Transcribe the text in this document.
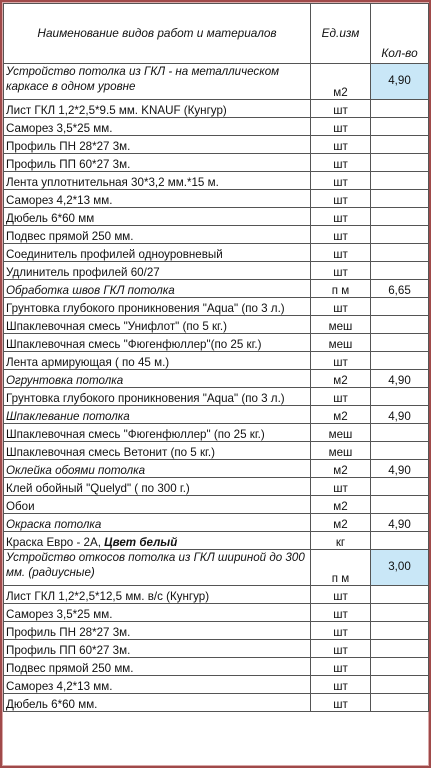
Наименование видов работ и материалов	Ед.изм	Кол-во
Устройство потолка из ГКЛ - на металлическом каркасе в одном уровне	м2	4,90
Лист ГКЛ 1,2*2,5*9.5 мм. KNAUF (Кунгур)	шт	
Саморез 3,5*25 мм.	шт	
Профиль ПН 28*27 3м.	шт	
Профиль ПП 60*27 3м.	шт	
Лента уплотнительная 30*3,2 мм.*15 м.	шт	
Саморез 4,2*13 мм.	шт	
Дюбель 6*60 мм	шт	
Подвес прямой 250 мм.	шт	
Соединитель профилей одноуровневый	шт	
Удлинитель профилей 60/27	шт	
Обработка швов ГКЛ потолка	п м	6,65
Грунтовка глубокого проникновения "Aqua" (по 3 л.)	шт	
Шпаклевочная смесь "Унифлот" (по 5 кг.)	меш	
Шпаклевочная смесь "Фюгенфюллер"(по 25 кг.)	меш	
Лента армирующая ( по 45 м.)	шт	
Огрунтовка потолка	м2	4,90
Грунтовка глубокого проникновения "Aqua" (по 3 л.)	шт	
Шпаклевание потолка	м2	4,90
Шпаклевочная смесь "Фюгенфюллер" (по 25 кг.)	меш	
Шпаклевочная смесь Ветонит (по 5 кг.)	меш	
Оклейка обоями потолка	м2	4,90
Клей обойный "Quelyd" ( по 300 г.)	шт	
Обои	м2	
Окраска потолка	м2	4,90
Краска Евро - 2А, Цвет белый	кг	
Устройство откосов потолка из ГКЛ шириной до 300 мм. (радиусные)	п м	3,00
Лист ГКЛ 1,2*2,5*12,5 мм. в/с (Кунгур)	шт	
Саморез 3,5*25 мм.	шт	
Профиль ПН 28*27 3м.	шт	
Профиль ПП 60*27 3м.	шт	
Подвес прямой 250 мм.	шт	
Саморез 4,2*13 мм.	шт	
Дюбель 6*60 мм.	шт	
